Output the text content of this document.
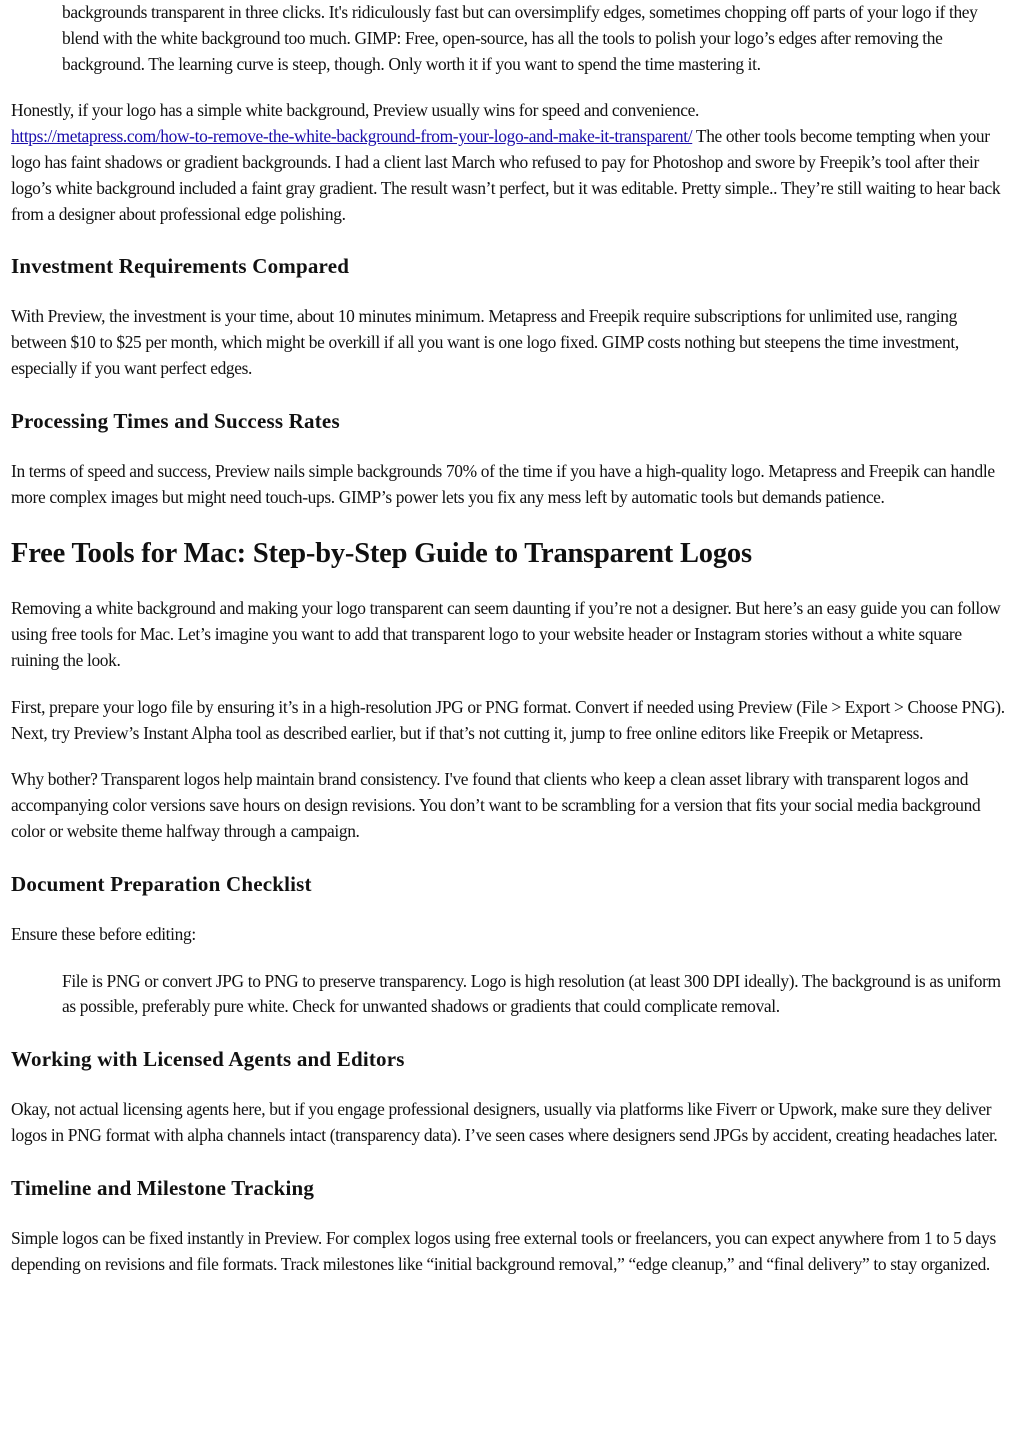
backgrounds transparent in three clicks. It's ridiculously fast but can oversimplify edges, sometimes chopping off parts of your logo if they blend with the white background too much. GIMP: Free, open-source, has all the tools to polish your logo’s edges after removing the background. The learning curve is steep, though. Only worth it if you want to spend the time mastering it.

Honestly, if your logo has a simple white background, Preview usually wins for speed and convenience.
https://metapress.com/how-to-remove-the-white-background-from-your-logo-and-make-it-transparent/ The other tools become tempting when your logo has faint shadows or gradient backgrounds. I had a client last March who refused to pay for Photoshop and swore by Freepik’s tool after their logo’s white background included a faint gray gradient. The result wasn’t perfect, but it was editable. Pretty simple.. They’re still waiting to hear back from a designer about professional edge polishing.

Investment Requirements Compared

With Preview, the investment is your time, about 10 minutes minimum. Metapress and Freepik require subscriptions for unlimited use, ranging between $10 to $25 per month, which might be overkill if all you want is one logo fixed. GIMP costs nothing but steepens the time investment, especially if you want perfect edges.

Processing Times and Success Rates

In terms of speed and success, Preview nails simple backgrounds 70% of the time if you have a high-quality logo. Metapress and Freepik can handle more complex images but might need touch-ups. GIMP’s power lets you fix any mess left by automatic tools but demands patience.

Free Tools for Mac: Step-by-Step Guide to Transparent Logos

Removing a white background and making your logo transparent can seem daunting if you’re not a designer. But here’s an easy guide you can follow using free tools for Mac. Let’s imagine you want to add that transparent logo to your website header or Instagram stories without a white square ruining the look.

First, prepare your logo file by ensuring it’s in a high-resolution JPG or PNG format. Convert if needed using Preview (File > Export > Choose PNG). Next, try Preview’s Instant Alpha tool as described earlier, but if that’s not cutting it, jump to free online editors like Freepik or Metapress.

Why bother? Transparent logos help maintain brand consistency. I've found that clients who keep a clean asset library with transparent logos and accompanying color versions save hours on design revisions. You don’t want to be scrambling for a version that fits your social media background color or website theme halfway through a campaign.

Document Preparation Checklist

Ensure these before editing:

File is PNG or convert JPG to PNG to preserve transparency. Logo is high resolution (at least 300 DPI ideally). The background is as uniform as possible, preferably pure white. Check for unwanted shadows or gradients that could complicate removal.

Working with Licensed Agents and Editors

Okay, not actual licensing agents here, but if you engage professional designers, usually via platforms like Fiverr or Upwork, make sure they deliver logos in PNG format with alpha channels intact (transparency data). I’ve seen cases where designers send JPGs by accident, creating headaches later.

Timeline and Milestone Tracking

Simple logos can be fixed instantly in Preview. For complex logos using free external tools or freelancers, you can expect anywhere from 1 to 5 days depending on revisions and file formats. Track milestones like “initial background removal,” “edge cleanup,” and “final delivery” to stay organized.
